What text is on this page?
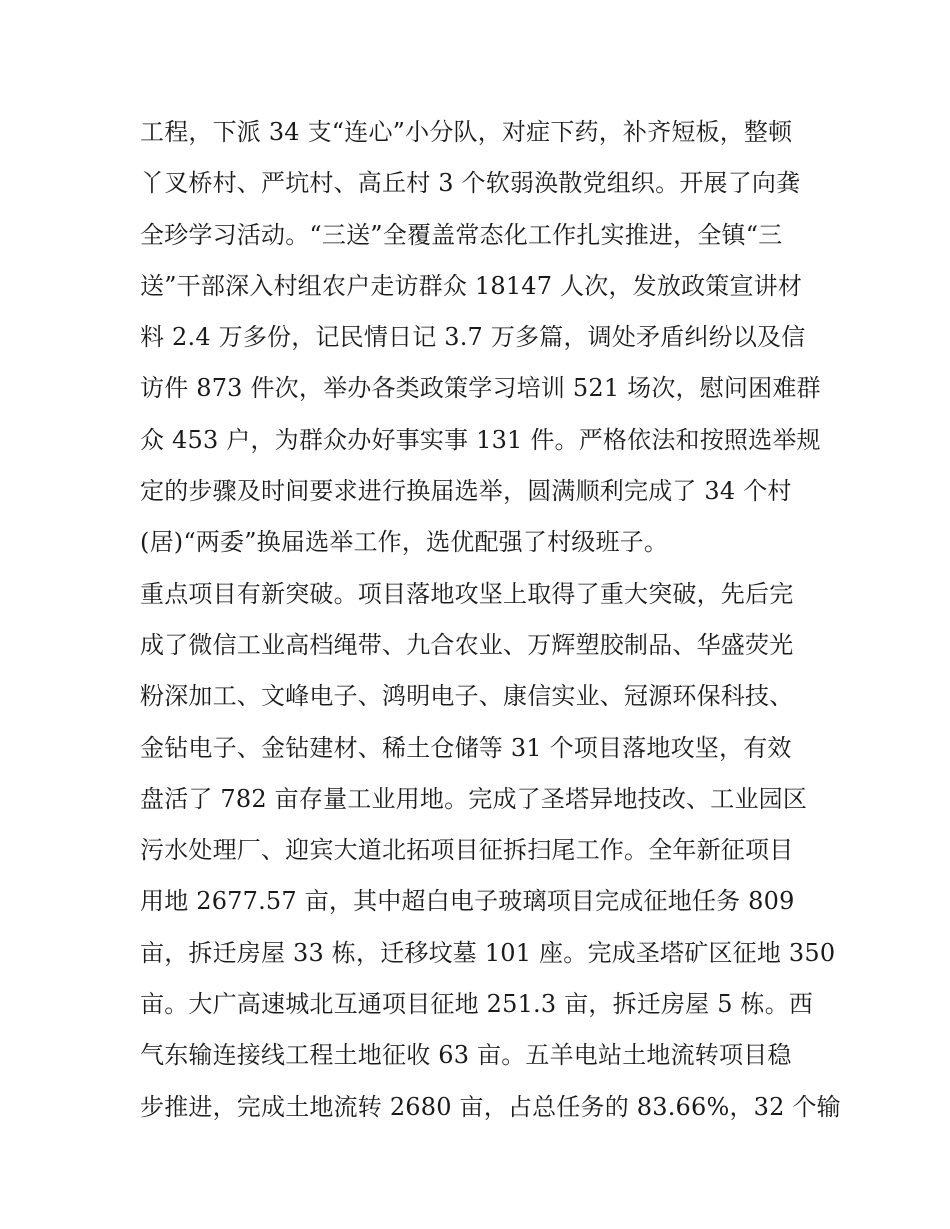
工程，下派 34 支“连心”小分队，对症下药，补齐短板，整顿
丫叉桥村、严坑村、高丘村 3 个软弱涣散党组织。开展了向龚
全珍学习活动。“三送”全覆盖常态化工作扎实推进，全镇“三
送”干部深入村组农户走访群众 18147 人次，发放政策宣讲材
料 2.4 万多份，记民情日记 3.7 万多篇，调处矛盾纠纷以及信
访件 873 件次，举办各类政策学习培训 521 场次，慰问困难群
众 453 户，为群众办好事实事 131 件。严格依法和按照选举规
定的步骤及时间要求进行换届选举，圆满顺利完成了 34 个村
(居)“两委”换届选举工作，选优配强了村级班子。
重点项目有新突破。项目落地攻坚上取得了重大突破，先后完
成了微信工业高档绳带、九合农业、万辉塑胶制品、华盛荧光
粉深加工、文峰电子、鸿明电子、康信实业、冠源环保科技、
金钻电子、金钻建材、稀土仓储等 31 个项目落地攻坚，有效
盘活了 782 亩存量工业用地。完成了圣塔异地技改、工业园区
污水处理厂、迎宾大道北拓项目征拆扫尾工作。全年新征项目
用地 2677.57 亩，其中超白电子玻璃项目完成征地任务 809
亩，拆迁房屋 33 栋，迁移坟墓 101 座。完成圣塔矿区征地 350
亩。大广高速城北互通项目征地 251.3 亩，拆迁房屋 5 栋。西
气东输连接线工程土地征收 63 亩。五羊电站土地流转项目稳
步推进，完成土地流转 2680 亩，占总任务的 83.66%，32 个输
